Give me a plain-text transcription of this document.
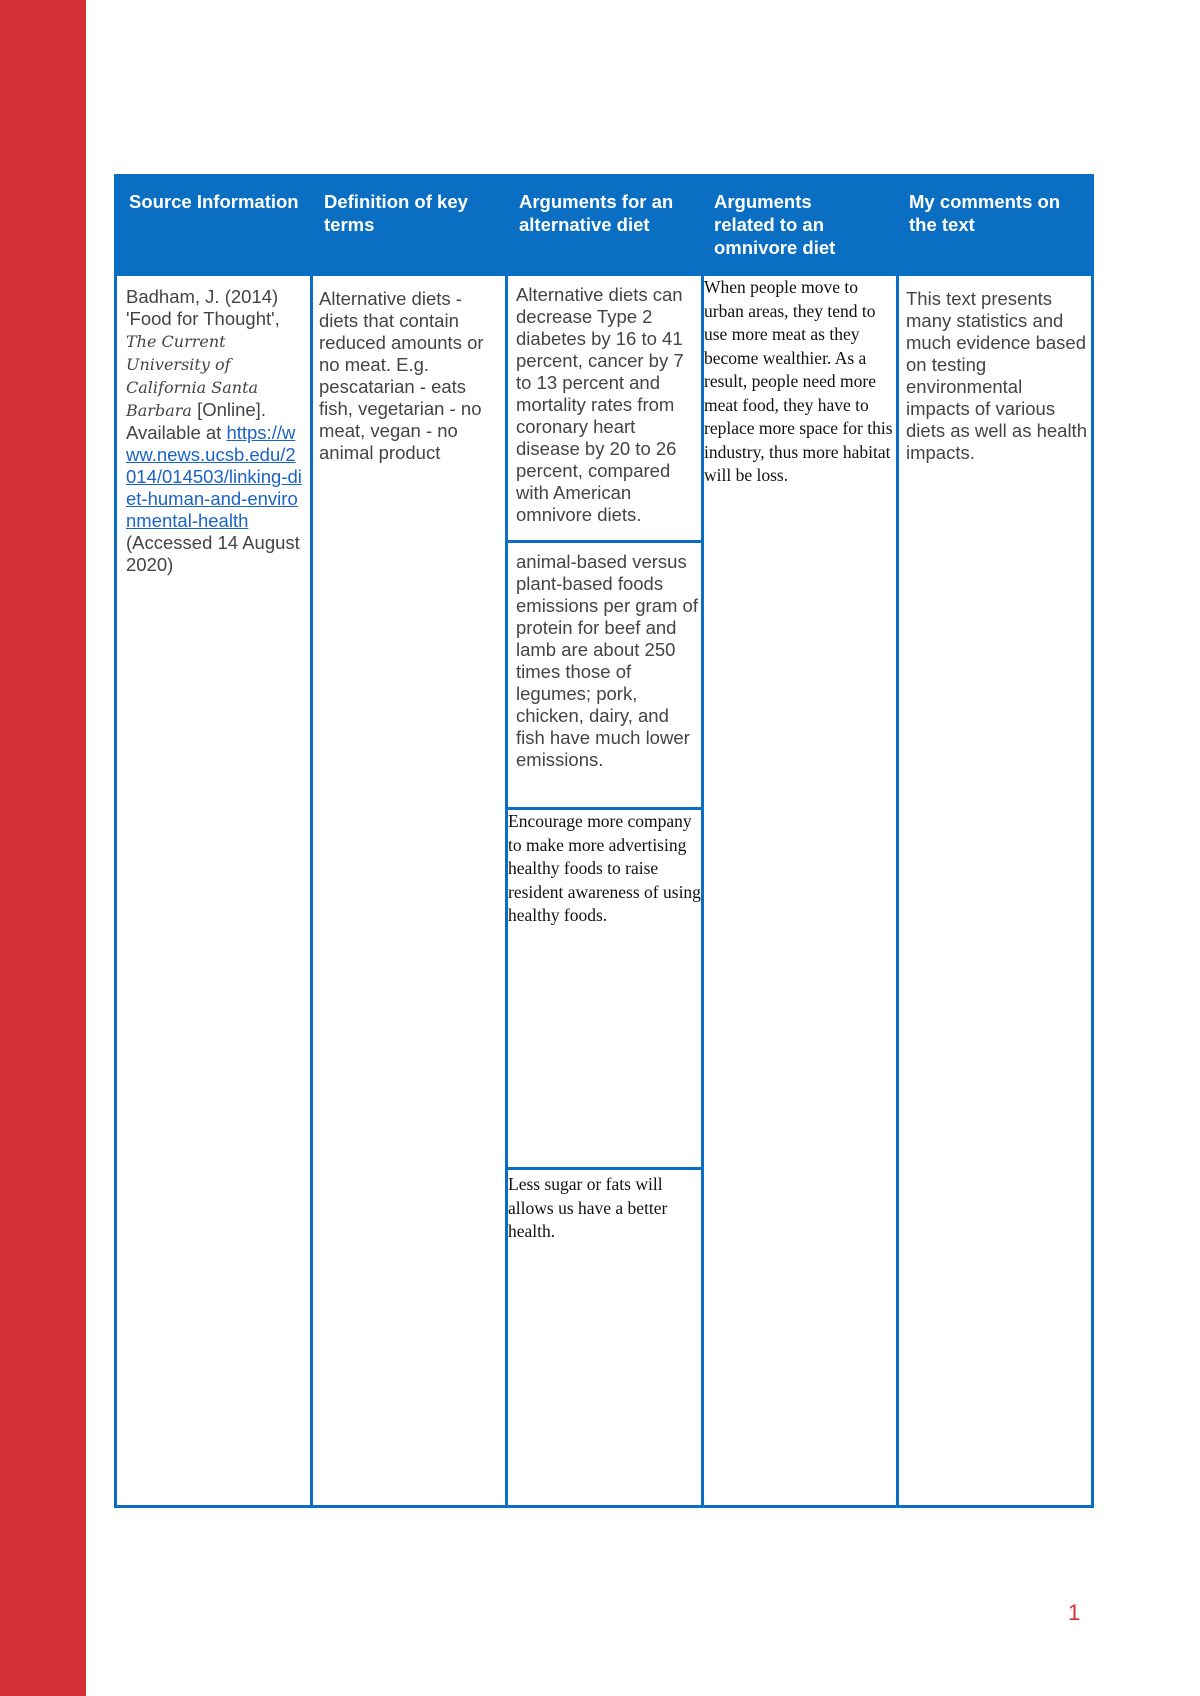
Source Information Definition of key terms
Arguments for an alternative diet
Arguments related to an omnivore diet
My comments on the text
Badham, J. (2014) 'Food for Thought', The Current University of California Santa Barbara [Online]. Available at https://www.news.ucsb.edu/2014/014503/linking-diet-human-and-environmental-health (Accessed 14 August 2020)
Alternative diets - diets that contain reduced amounts or no meat. E.g. pescatarian - eats fish, vegetarian - no meat, vegan - no animal product
Alternative diets can decrease Type 2 diabetes by 16 to 41 percent, cancer by 7 to 13 percent and mortality rates from coronary heart disease by 20 to 26 percent, compared with American omnivore diets.
animal-based versus plant-based foods emissions per gram of protein for beef and lamb are about 250 times those of legumes; pork, chicken, dairy, and fish have much lower emissions.
Encourage more company to make more advertising healthy foods to raise resident awareness of using healthy foods.
Less sugar or fats will allows us have a better health.
When people move to urban areas, they tend to use more meat as they become wealthier. As a result, people need more meat food, they have to replace more space for this industry, thus more habitat will be loss.
This text presents many statistics and much evidence based on testing environmental impacts of various diets as well as health impacts.
1
